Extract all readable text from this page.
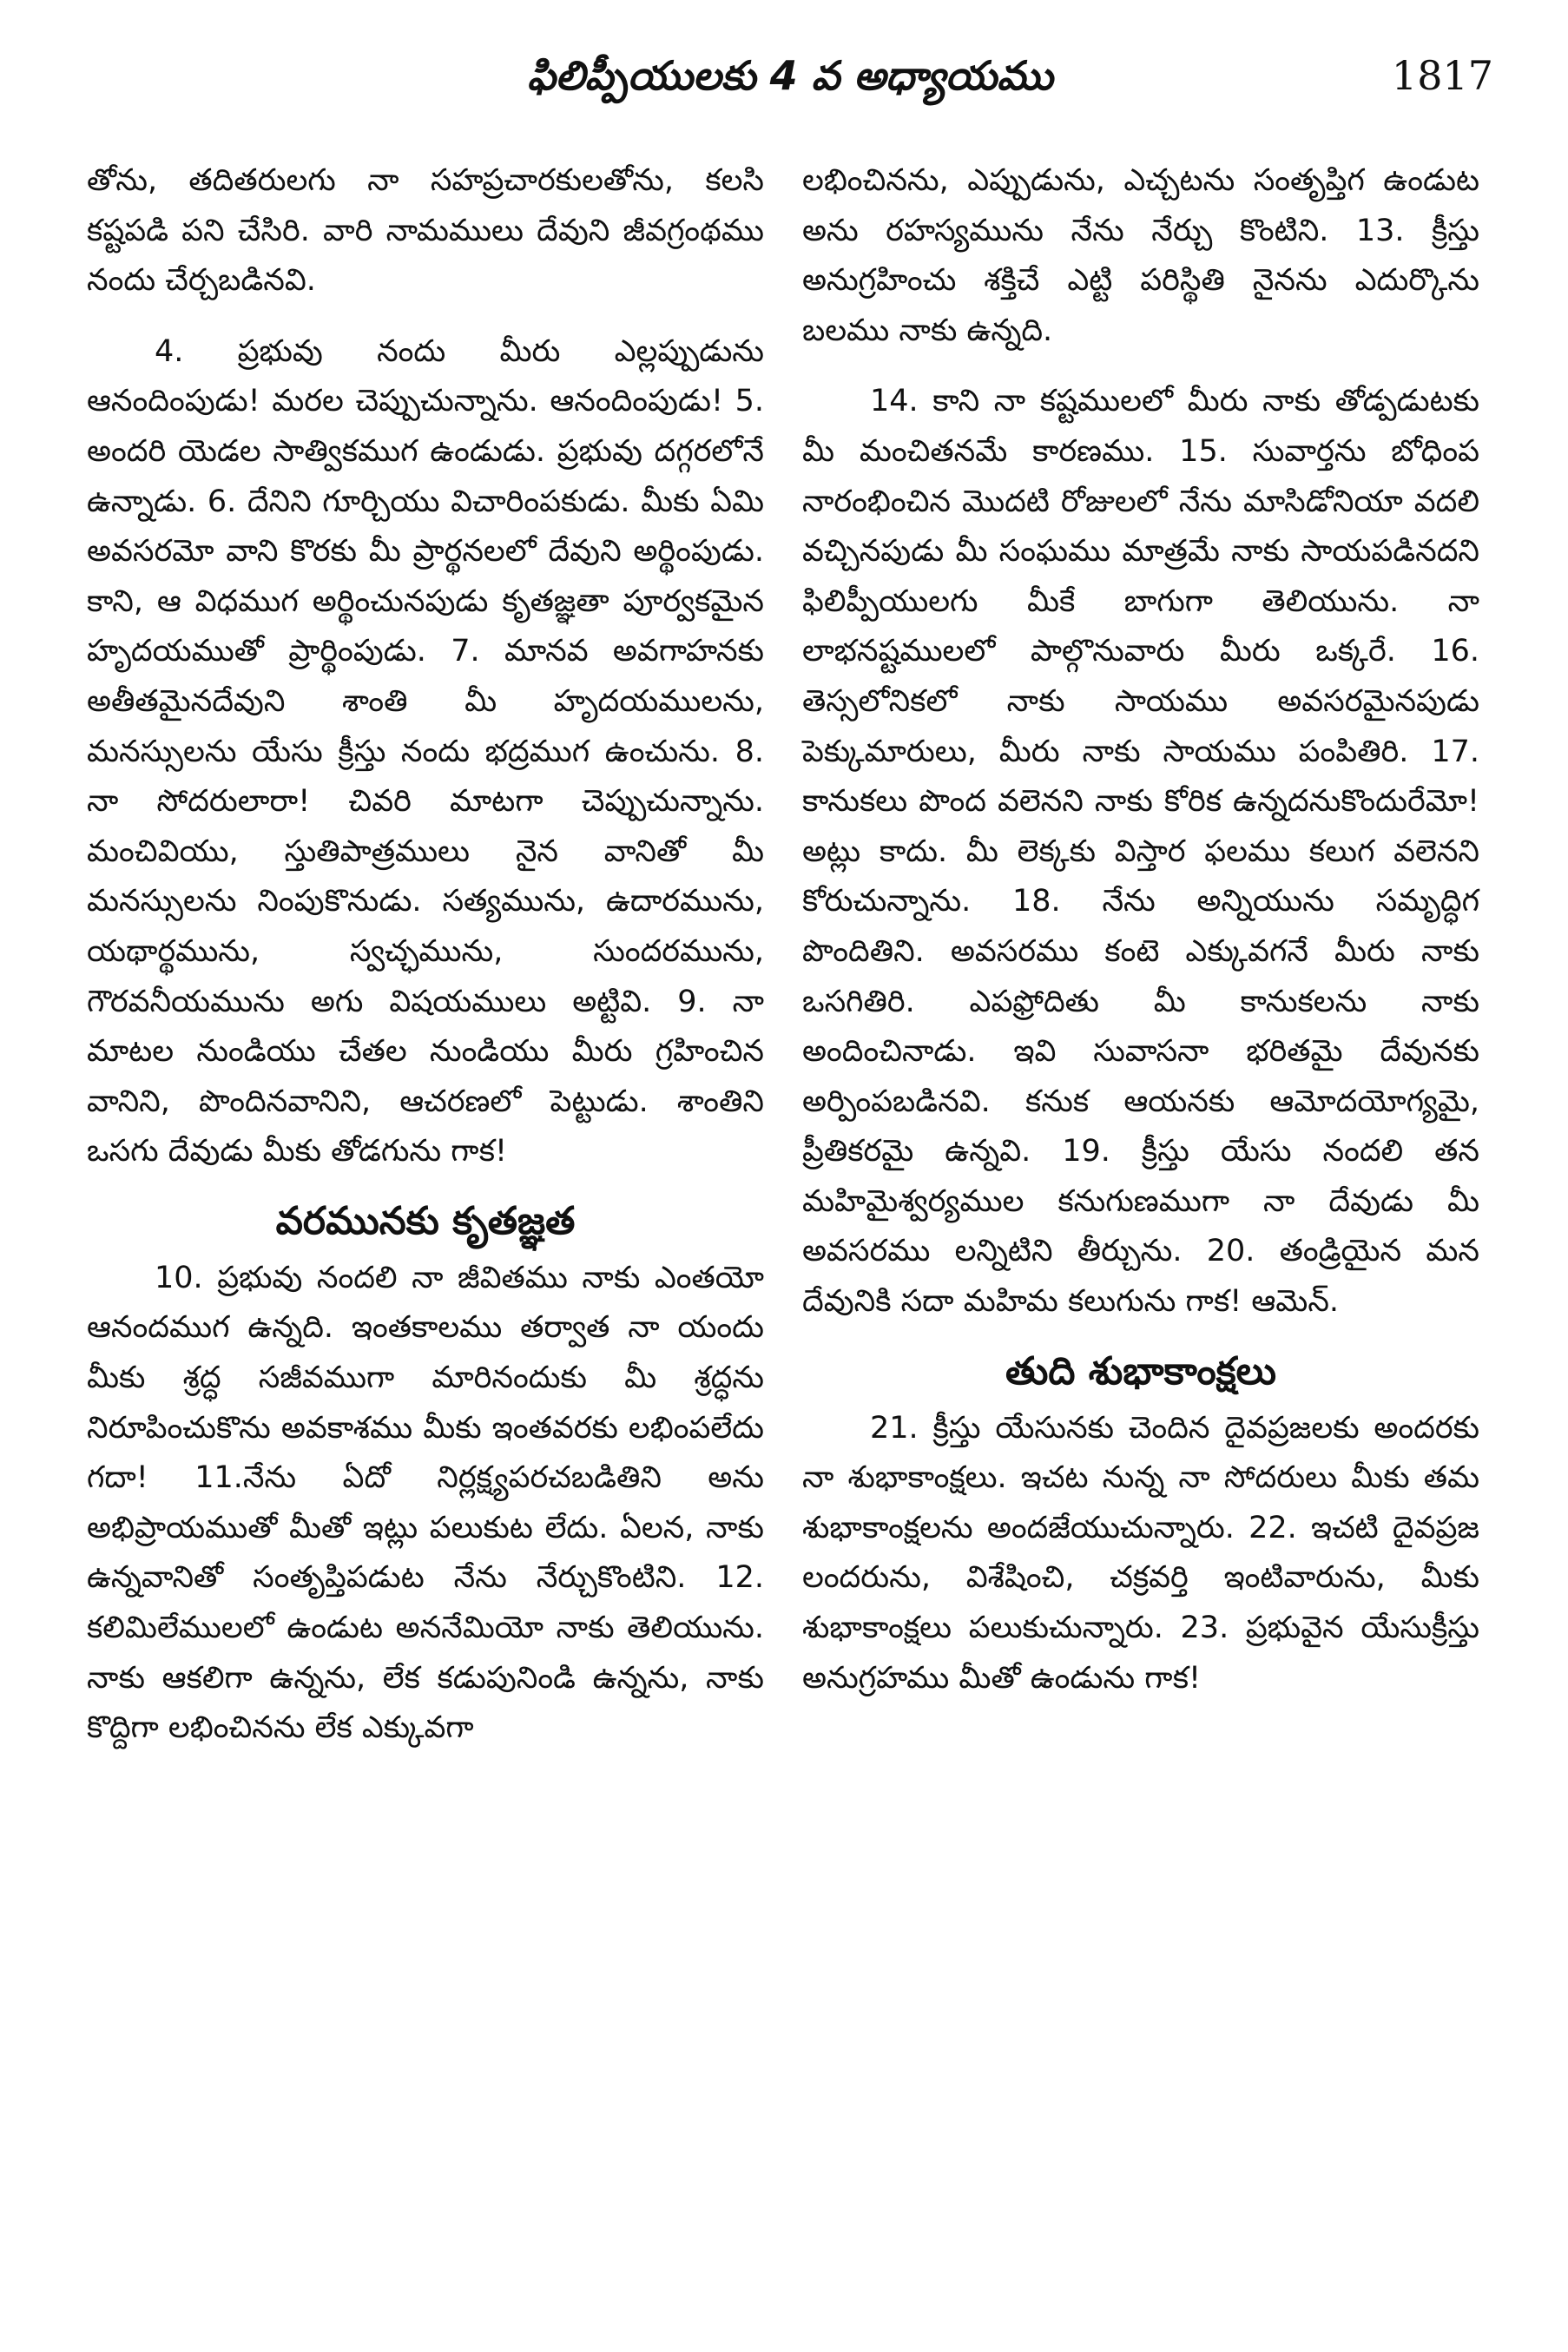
ఫిలిప్పీయులకు 4 వ అధ్యాయము	1817

తోను, తదితరులగు నా సహప్రచారకులతోను, కలసి కష్టపడి పని చేసిరి. వారి నామములు దేవుని జీవగ్రంథము నందు చేర్చబడినవి.

4. ప్రభువు నందు మీరు ఎల్లప్పుడును ఆనందింపుడు! మరల చెప్పుచున్నాను. ఆనందింపుడు! 5. అందరి యెడల సాత్వికముగ ఉండుడు. ప్రభువు దగ్గరలోనే ఉన్నాడు. 6. దేనిని గూర్చియు విచారింపకుడు. మీకు ఏమి అవసరమో వాని కొరకు మీ ప్రార్థనలలో దేవుని అర్థింపుడు. కాని, ఆ విధముగ అర్థించునపుడు కృతజ్ఞతా పూర్వకమైన హృదయముతో ప్రార్థింపుడు. 7. మానవ అవగాహనకు అతీతమైనదేవుని శాంతి మీ హృదయములను, మనస్సులను యేసు క్రీస్తు నందు భద్రముగ ఉంచును. 8. నా సోదరులారా! చివరి మాటగా చెప్పుచున్నాను. మంచివియు, స్తుతిపాత్రములు నైన వానితో మీ మనస్సులను నింపుకొనుడు. సత్యమును, ఉదారమును, యథార్థమును, స్వచ్ఛమును, సుందరమును, గౌరవనీయమును అగు విషయములు అట్టివి. 9. నా మాటల నుండియు చేతల నుండియు మీరు గ్రహించిన వానిని, పొందినవానిని, ఆచరణలో పెట్టుడు. శాంతిని ఒసగు దేవుడు మీకు తోడగును గాక!

వరమునకు కృతజ్ఞత

10. ప్రభువు నందలి నా జీవితము నాకు ఎంతయో ఆనందముగ ఉన్నది. ఇంతకాలము తర్వాత నా యందు మీకు శ్రద్ధ సజీవముగా మారినందుకు మీ శ్రద్ధను నిరూపించుకొను అవకాశము మీకు ఇంతవరకు లభింపలేదు గదా! 11.నేను ఏదో నిర్లక్ష్యపరచబడితిని అను అభిప్రాయముతో మీతో ఇట్లు పలుకుట లేదు. ఏలన, నాకు ఉన్నవానితో సంతృప్తిపడుట నేను నేర్చుకొంటిని. 12. కలిమిలేములలో ఉండుట అననేమియో నాకు తెలియును. నాకు ఆకలిగా ఉన్నను, లేక కడుపునిండి ఉన్నను, నాకు కొద్దిగా లభించినను లేక ఎక్కువగా

లభించినను, ఎప్పుడును, ఎచ్చటను సంతృప్తిగ ఉండుట అను రహస్యమును నేను నేర్చు కొంటిని. 13. క్రీస్తు అనుగ్రహించు శక్తిచే ఎట్టి పరిస్థితి నైనను ఎదుర్కొను బలము నాకు ఉన్నది.

14. కాని నా కష్టములలో మీరు నాకు తోడ్పడుటకు మీ మంచితనమే కారణము. 15. సువార్తను బోధింప నారంభించిన మొదటి రోజులలో నేను మాసిడోనియా వదలి వచ్చినపుడు మీ సంఘము మాత్రమే నాకు సాయపడినదని ఫిలిప్పీయులగు మీకే బాగుగా తెలియును. నా లాభనష్టములలో పాల్గొనువారు మీరు ఒక్కరే. 16. తెస్సలోనికలో నాకు సాయము అవసరమైనపుడు పెక్కుమారులు, మీరు నాకు సాయము పంపితిరి. 17. కానుకలు పొంద వలెనని నాకు కోరిక ఉన్నదనుకొందురేమో! అట్లు కాదు. మీ లెక్కకు విస్తార ఫలము కలుగ వలెనని కోరుచున్నాను. 18. నేను అన్నియును సమృద్ధిగ పొందితిని. అవసరము కంటె ఎక్కువగనే మీరు నాకు ఒసగితిరి. ఎపఫ్రోదితు మీ కానుకలను నాకు అందించినాడు. ఇవి సువాసనా భరితమై దేవునకు అర్పింపబడినవి. కనుక ఆయనకు ఆమోదయోగ్యమై, ప్రీతికరమై ఉన్నవి. 19. క్రీస్తు యేసు నందలి తన మహిమైశ్వర్యముల కనుగుణముగా నా దేవుడు మీ అవసరము లన్నిటిని తీర్చును. 20. తండ్రియైన మన దేవునికి సదా మహిమ కలుగును గాక! ఆమెన్.

తుది శుభాకాంక్షలు

21. క్రీస్తు యేసునకు చెందిన దైవప్రజలకు అందరకు నా శుభాకాంక్షలు. ఇచట నున్న నా సోదరులు మీకు తమ శుభాకాంక్షలను అందజేయుచున్నారు. 22. ఇచటి దైవప్రజ లందరును, విశేషించి, చక్రవర్తి ఇంటివారును, మీకు శుభాకాంక్షలు పలుకుచున్నారు. 23. ప్రభువైన యేసుక్రీస్తు అనుగ్రహము మీతో ఉండును గాక!
